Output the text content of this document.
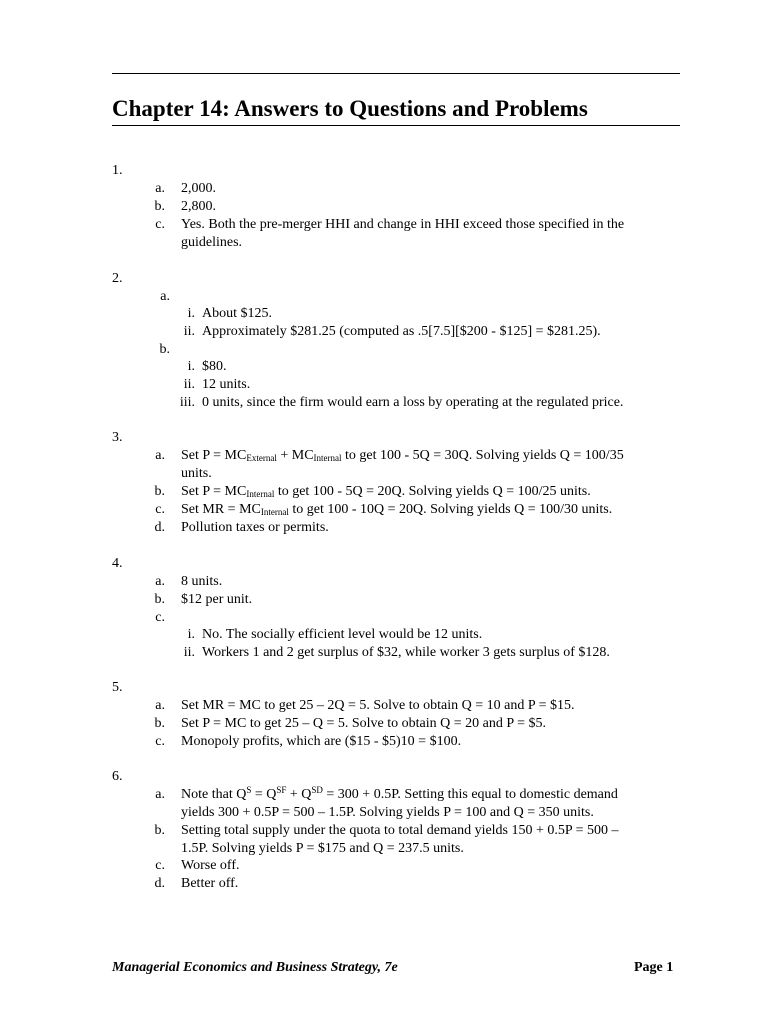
Chapter 14: Answers to Questions and Problems
1.
a. 2,000.
b. 2,800.
c. Yes. Both the pre-merger HHI and change in HHI exceed those specified in the
guidelines.
2.
a.
i. About $125.
ii. Approximately $281.25 (computed as .5[7.5][$200 - $125] = $281.25).
b.
i. $80.
ii. 12 units.
iii. 0 units, since the firm would earn a loss by operating at the regulated price.
3.
a. Set $P = MC_{External} + MC_{Internal}$ to get 100 - 5Q = 30Q. Solving yields Q = 100/35
units.
b. Set $P = MC_{Internal}$ to get 100 - 5Q = 20Q. Solving yields Q = 100/25 units.
c. Set MR = $MC_{Internal}$ to get 100 - 10Q = 20Q. Solving yields Q = 100/30 units.
d. Pollution taxes or permits.
4.
a. 8 units.
b. $12 per unit.
c.
i. No. The socially efficient level would be 12 units.
ii. Workers 1 and 2 get surplus of $32, while worker 3 gets surplus of $128.
5.
a. Set MR = MC to get 25 – 2Q = 5. Solve to obtain Q = 10 and P = $15.
b. Set P = MC to get 25 – Q = 5. Solve to obtain Q = 20 and P = $5.
c. Monopoly profits, which are ($15 - $5)10 = $100.
6.
a. Note that $Q^S = Q^{SF} + Q^{SD} = 300 + 0.5P$. Setting this equal to domestic demand
yields 300 + 0.5P = 500 – 1.5P. Solving yields P = 100 and Q = 350 units.
b. Setting total supply under the quota to total demand yields 150 + 0.5P = 500 –
1.5P. Solving yields P = $175 and Q = 237.5 units.
c. Worse off.
d. Better off.
Managerial Economics and Business Strategy, 7e	Page 1
